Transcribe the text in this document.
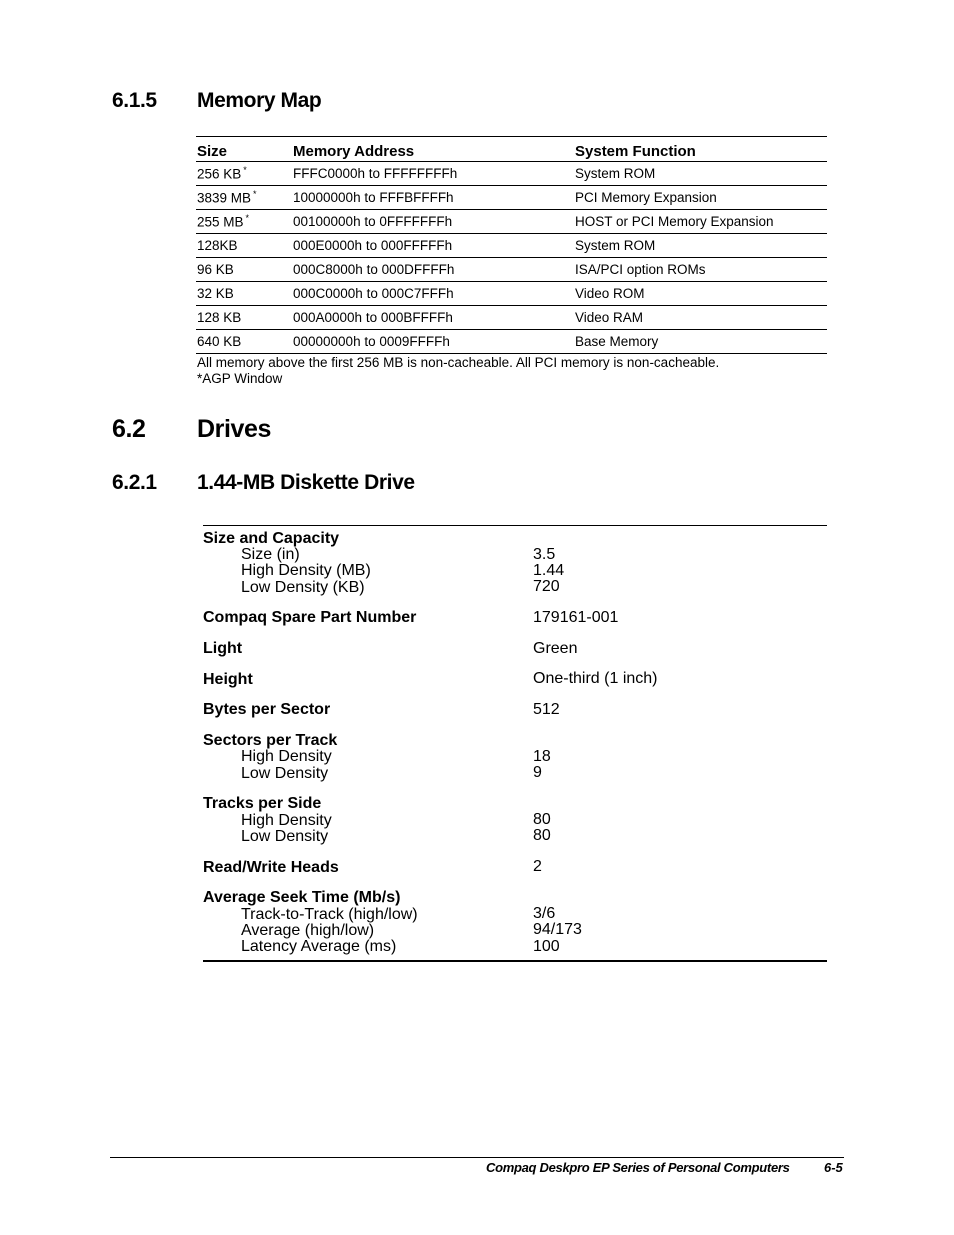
6.1.5 Memory Map
Size	Memory Address	System Function
256 KB *	FFFC0000h to FFFFFFFFh	System ROM
3839 MB *	10000000h to FFFBFFFFh	PCI Memory Expansion
255 MB *	00100000h to 0FFFFFFFh	HOST or PCI Memory Expansion
128KB	000E0000h to 000FFFFFh	System ROM
96 KB	000C8000h to 000DFFFFh	ISA/PCI option ROMs
32 KB	000C0000h to 000C7FFFh	Video ROM
128 KB	000A0000h to 000BFFFFh	Video RAM
640 KB	00000000h to 0009FFFFh	Base Memory
All memory above the first 256 MB is non-cacheable. All PCI memory is non-cacheable.
*AGP Window
6.2 Drives
6.2.1 1.44-MB Diskette Drive
Size and Capacity
Size (in)	3.5
High Density (MB)	1.44
Low Density (KB)	720
Compaq Spare Part Number	179161-001
Light	Green
Height	One-third (1 inch)
Bytes per Sector	512
Sectors per Track
High Density	18
Low Density	9
Tracks per Side
High Density	80
Low Density	80
Read/Write Heads	2
Average Seek Time (Mb/s)
Track-to-Track (high/low)	3/6
Average (high/low)	94/173
Latency Average (ms)	100
Compaq Deskpro EP Series of Personal Computers	6-5
